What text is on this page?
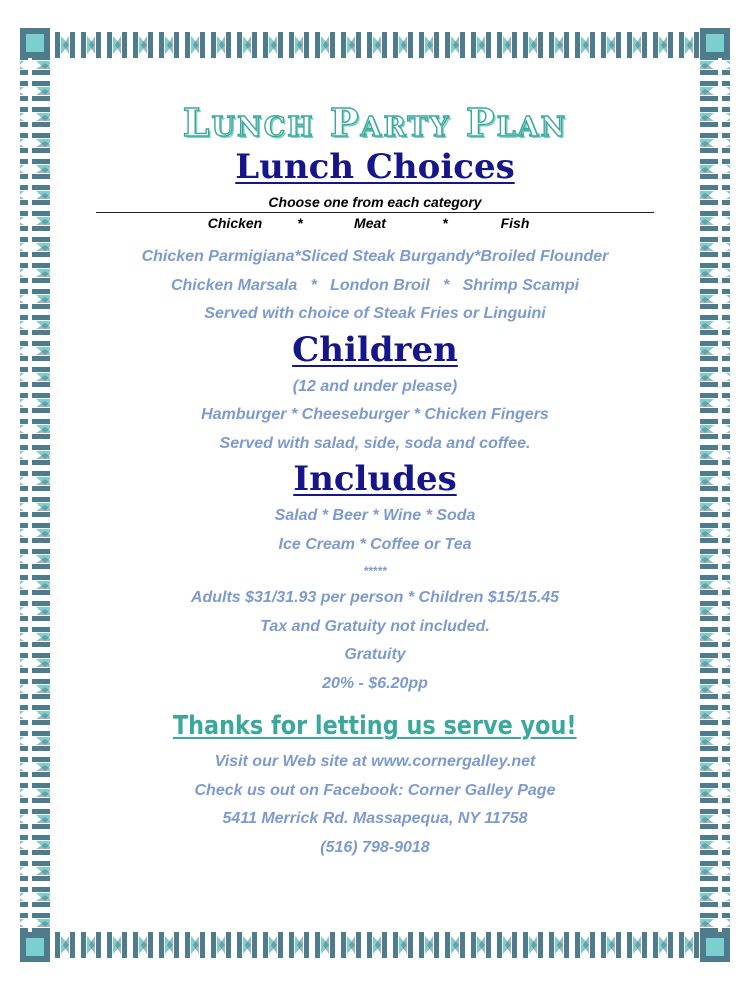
Lunch Party Plan
Lunch Choices

Choose one from each category

Chicken	*	Meat	*	Fish

Chicken Parmigiana*Sliced Steak Burgandy*Broiled Flounder

Chicken Marsala   *   London Broil   *   Shrimp Scampi

Served with choice of Steak Fries or Linguini

Children

(12 and under please)

Hamburger * Cheeseburger * Chicken Fingers

Served with salad, side, soda and coffee.

Includes

Salad * Beer * Wine * Soda

Ice Cream * Coffee or Tea

*****

Adults $31/31.93 per person * Children $15/15.45

Tax and Gratuity not included.

Gratuity

20% - $6.20pp

Thanks for letting us serve you!

Visit our Web site at www.cornergalley.net

Check us out on Facebook: Corner Galley Page

5411 Merrick Rd. Massapequa, NY 11758

(516) 798-9018
